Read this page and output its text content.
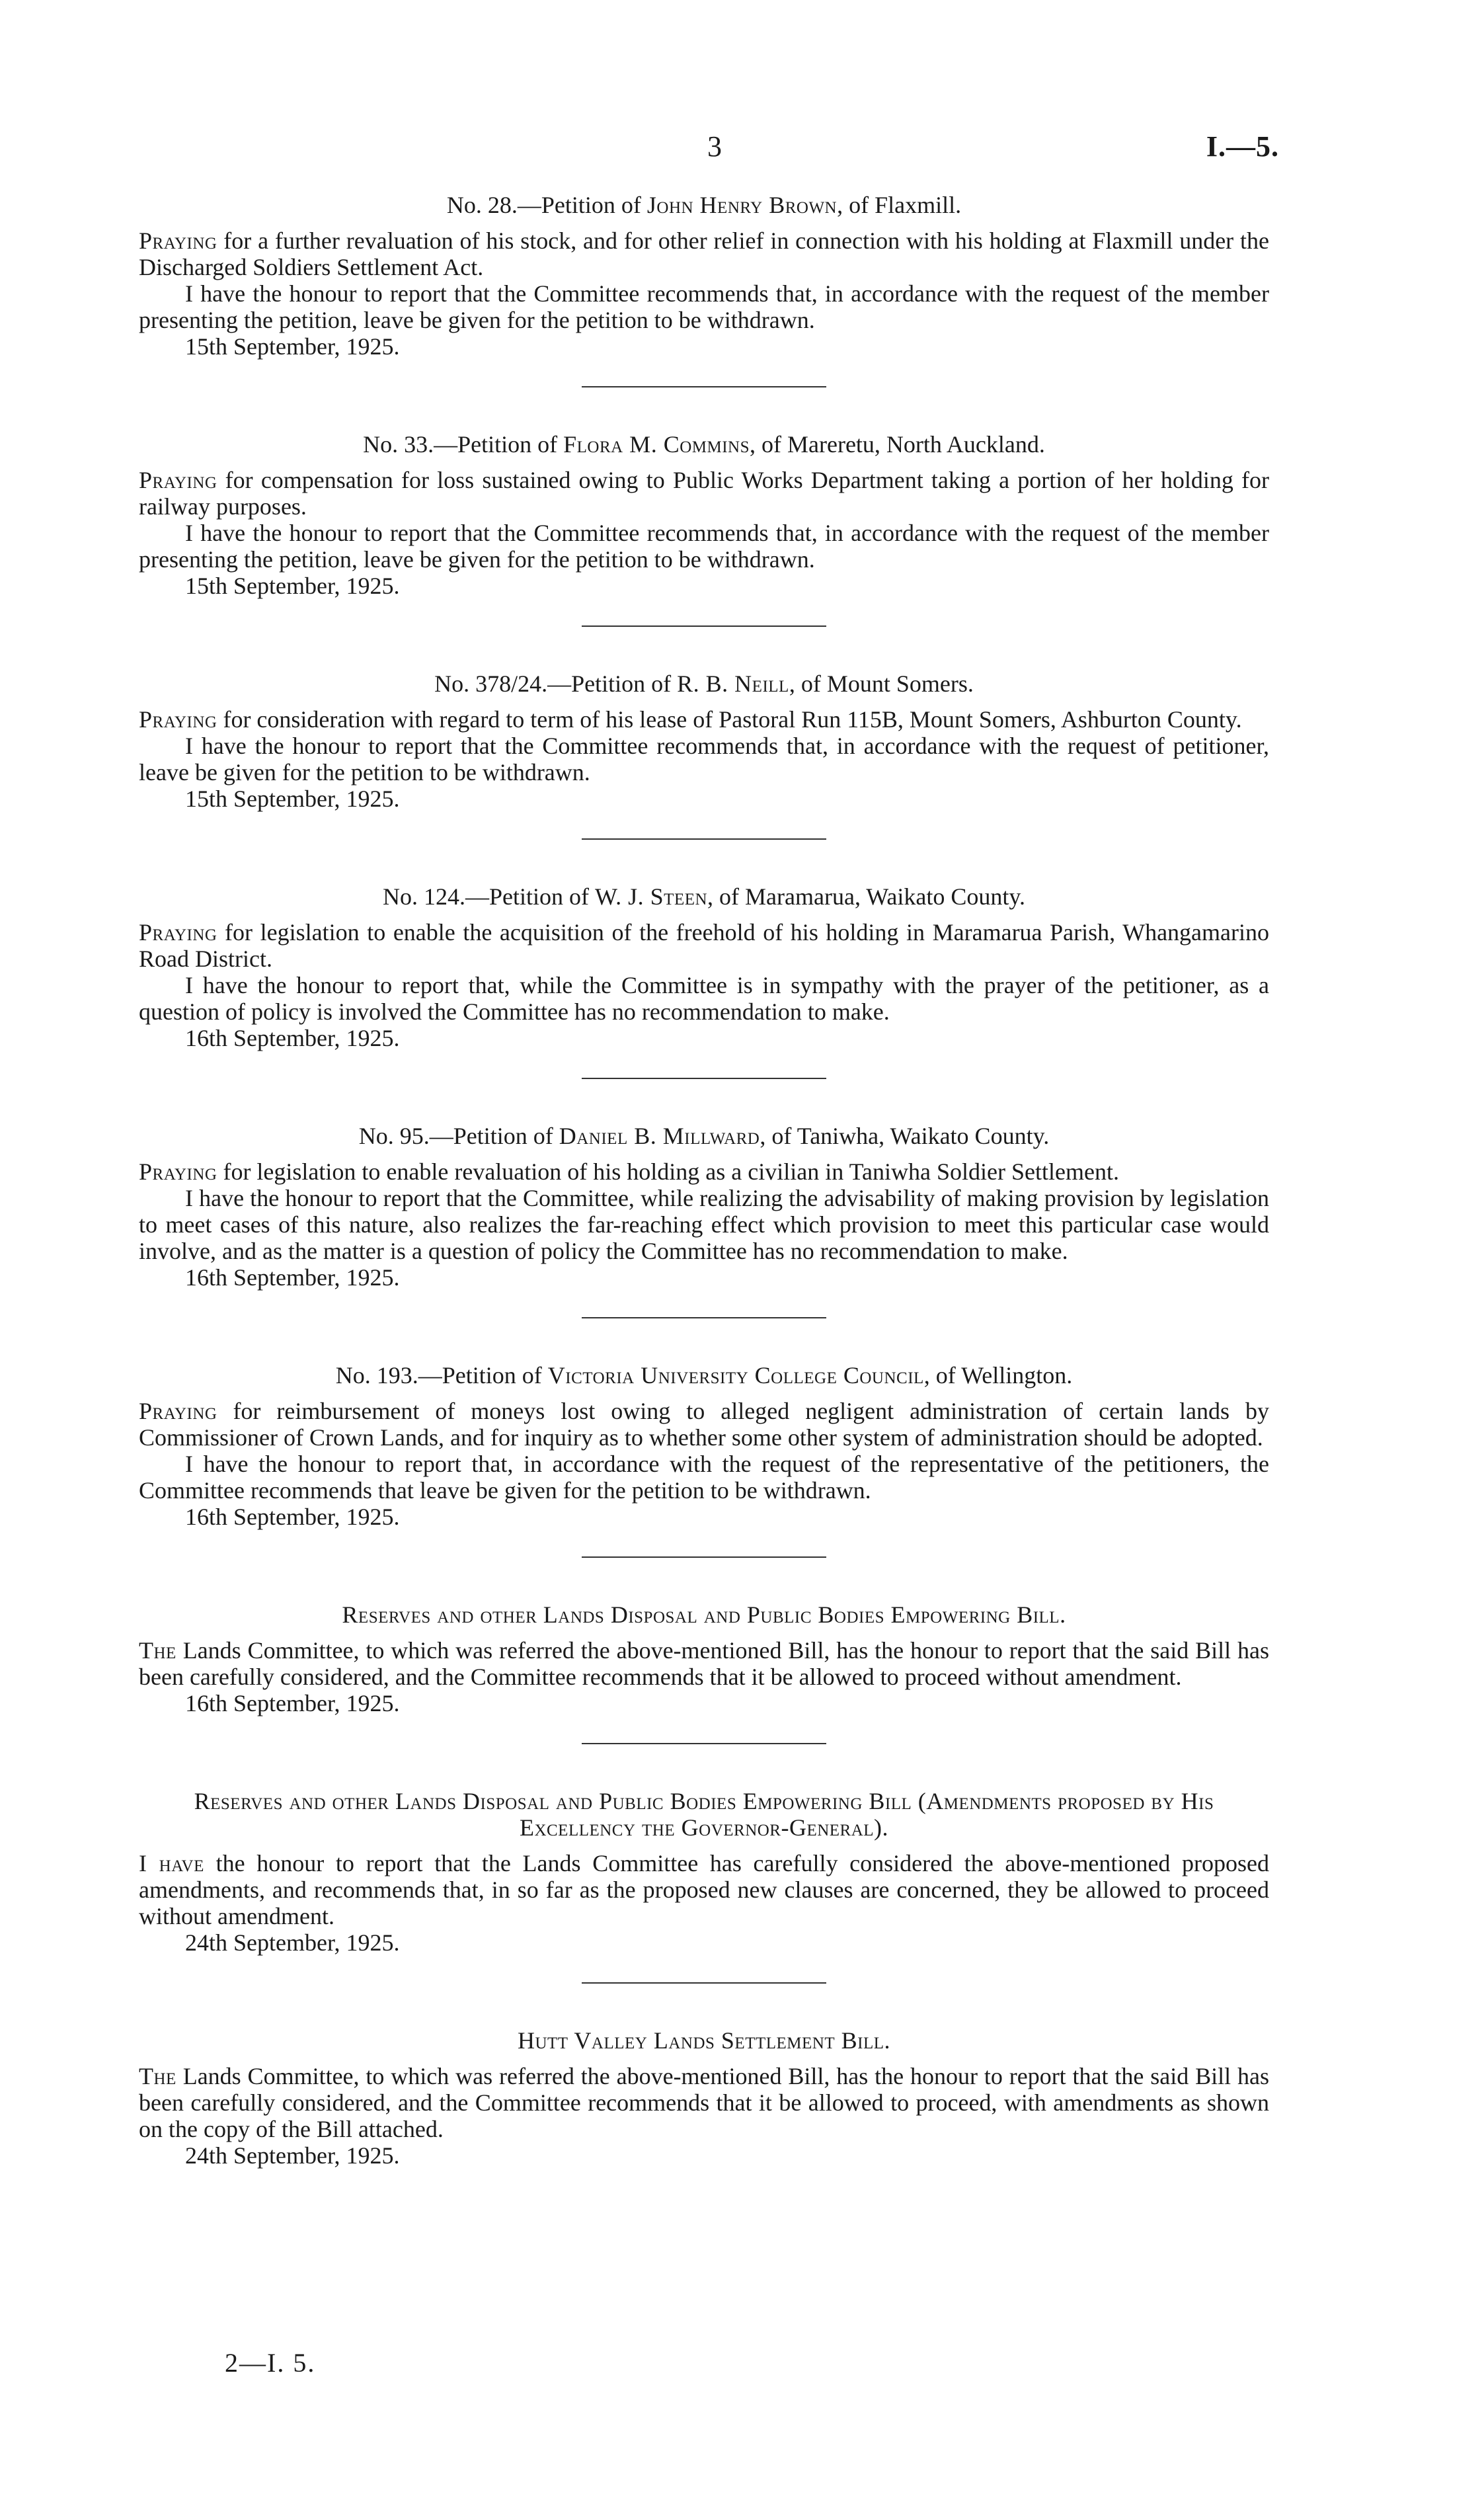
3	I.—5.

No. 28.—Petition of John Henry Brown, of Flaxmill.

Praying for a further revaluation of his stock, and for other relief in connection with his holding at Flaxmill under the Discharged Soldiers Settlement Act.

I have the honour to report that the Committee recommends that, in accordance with the request of the member presenting the petition, leave be given for the petition to be withdrawn.

15th September, 1925.

No. 33.—Petition of Flora M. Commins, of Mareretu, North Auckland.

Praying for compensation for loss sustained owing to Public Works Department taking a portion of her holding for railway purposes.

I have the honour to report that the Committee recommends that, in accordance with the request of the member presenting the petition, leave be given for the petition to be withdrawn.

15th September, 1925.

No. 378/24.—Petition of R. B. Neill, of Mount Somers.

Praying for consideration with regard to term of his lease of Pastoral Run 115B, Mount Somers, Ashburton County.

I have the honour to report that the Committee recommends that, in accordance with the request of petitioner, leave be given for the petition to be withdrawn.

15th September, 1925.

No. 124.—Petition of W. J. Steen, of Maramarua, Waikato County.

Praying for legislation to enable the acquisition of the freehold of his holding in Maramarua Parish, Whangamarino Road District.

I have the honour to report that, while the Committee is in sympathy with the prayer of the petitioner, as a question of policy is involved the Committee has no recommendation to make.

16th September, 1925.

No. 95.—Petition of Daniel B. Millward, of Taniwha, Waikato County.

Praying for legislation to enable revaluation of his holding as a civilian in Taniwha Soldier Settlement.

I have the honour to report that the Committee, while realizing the advisability of making provision by legislation to meet cases of this nature, also realizes the far-reaching effect which provision to meet this particular case would involve, and as the matter is a question of policy the Committee has no recommendation to make.

16th September, 1925.

No. 193.—Petition of Victoria University College Council, of Wellington.

Praying for reimbursement of moneys lost owing to alleged negligent administration of certain lands by Commissioner of Crown Lands, and for inquiry as to whether some other system of administration should be adopted.

I have the honour to report that, in accordance with the request of the representative of the petitioners, the Committee recommends that leave be given for the petition to be withdrawn.

16th September, 1925.

Reserves and other Lands Disposal and Public Bodies Empowering Bill.

The Lands Committee, to which was referred the above-mentioned Bill, has the honour to report that the said Bill has been carefully considered, and the Committee recommends that it be allowed to proceed without amendment.

16th September, 1925.

Reserves and other Lands Disposal and Public Bodies Empowering Bill (Amendments proposed by His Excellency the Governor-General).

I have the honour to report that the Lands Committee has carefully considered the above-mentioned proposed amendments, and recommends that, in so far as the proposed new clauses are concerned, they be allowed to proceed without amendment.

24th September, 1925.

Hutt Valley Lands Settlement Bill.

The Lands Committee, to which was referred the above-mentioned Bill, has the honour to report that the said Bill has been carefully considered, and the Committee recommends that it be allowed to proceed, with amendments as shown on the copy of the Bill attached.

24th September, 1925.

2—I. 5.
